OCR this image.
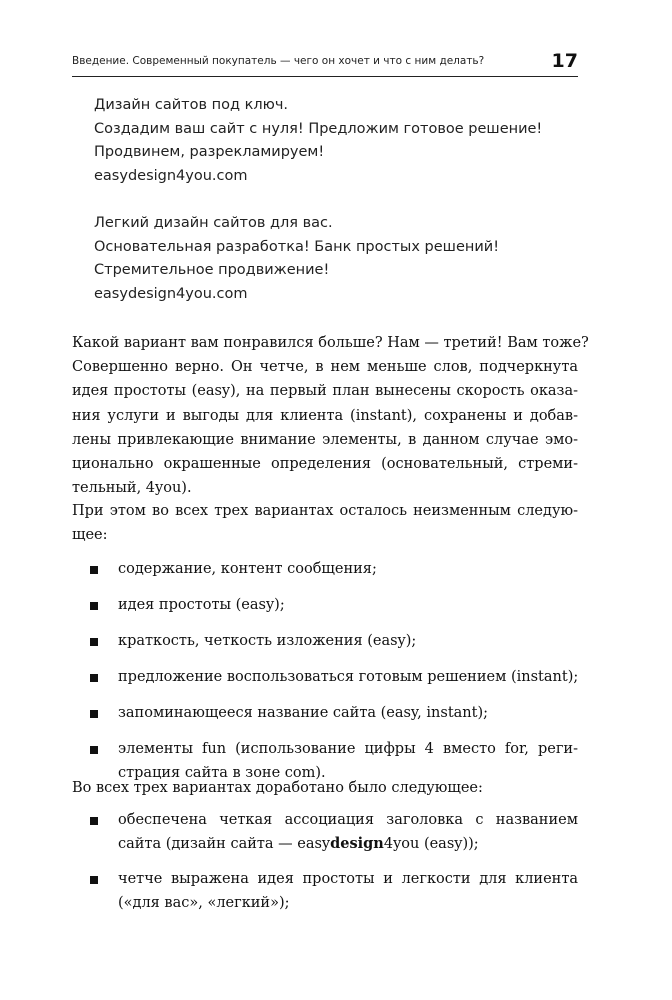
Введение. Современный покупатель — чего он хочет и что с ним делать?	17
Дизайн сайтов под ключ.
Создадим ваш сайт с нуля! Предложим готовое решение!
Продвинем, разрекламируем!
easydesign4you.com
Легкий дизайн сайтов для вас.
Основательная разработка! Банк простых решений!
Стремительное продвижение!
easydesign4you.com
Какой вариант вам понравился больше? Нам — третий! Вам тоже?
Совершенно верно. Он четче, в нем меньше слов, подчеркнута
идея простоты (easy), на первый план вынесены скорость оказа-
ния услуги и выгоды для клиента (instant), сохранены и добав-
лены привлекающие внимание элементы, в данном случае эмо-
ционально окрашенные определения (основательный, стреми-
тельный, 4you).
При этом во всех трех вариантах осталось неизменным следую-
щее:
содержание, контент сообщения;
идея простоты (easy);
краткость, четкость изложения (easy);
предложение воспользоваться готовым решением (instant);
запоминающееся название сайта (easy, instant);
элементы fun (использование цифры 4 вместо for, реги-
страция сайта в зоне com).
Во всех трех вариантах доработано было следующее:
обеспечена четкая ассоциация заголовка с названием
сайта (дизайн сайта — easydesign4you (easy));
четче выражена идея простоты и легкости для клиента
(«для вас», «легкий»);
